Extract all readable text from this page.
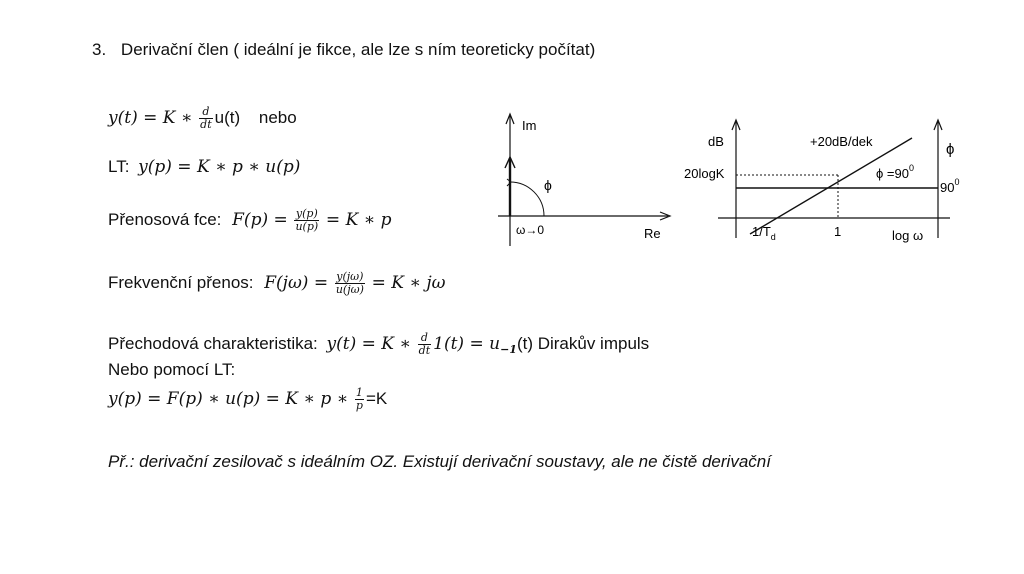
3. Derivační člen ( ideální je fikce, ale lze s ním teoreticky počítat)
y(t) = K ∗ $\frac{d}{dt} u(t)$ nebo
LT: y(p) = K ∗ p ∗ u(p)
Přenosová fce: $F(p) = \frac{y(p)}{u(p)} = K$ ∗ p
Frekvenční přenos: $F(j\omega) = \frac{y(j\omega)}{u(j\omega)} = K$ ∗ jω
Přechodová charakteristika: y(t) = K ∗ $\frac{d}{dt} 1(t) = u_{-1}(t)$ Dirakův impuls
Nebo pomocí LT:
y(p) = F(p) ∗ u(p) = K ∗ p ∗ $\frac{1}{p} =K$
Př.: derivační zesilovač s ideálním OZ. Existují derivační soustavy, ale ne čistě derivační
Im
ϕ
ω→0	Re
dB	+20dB/dek	ϕ
20logK	$\phi =90^0$
$90^0$
$1/T_d$	1	log ω
